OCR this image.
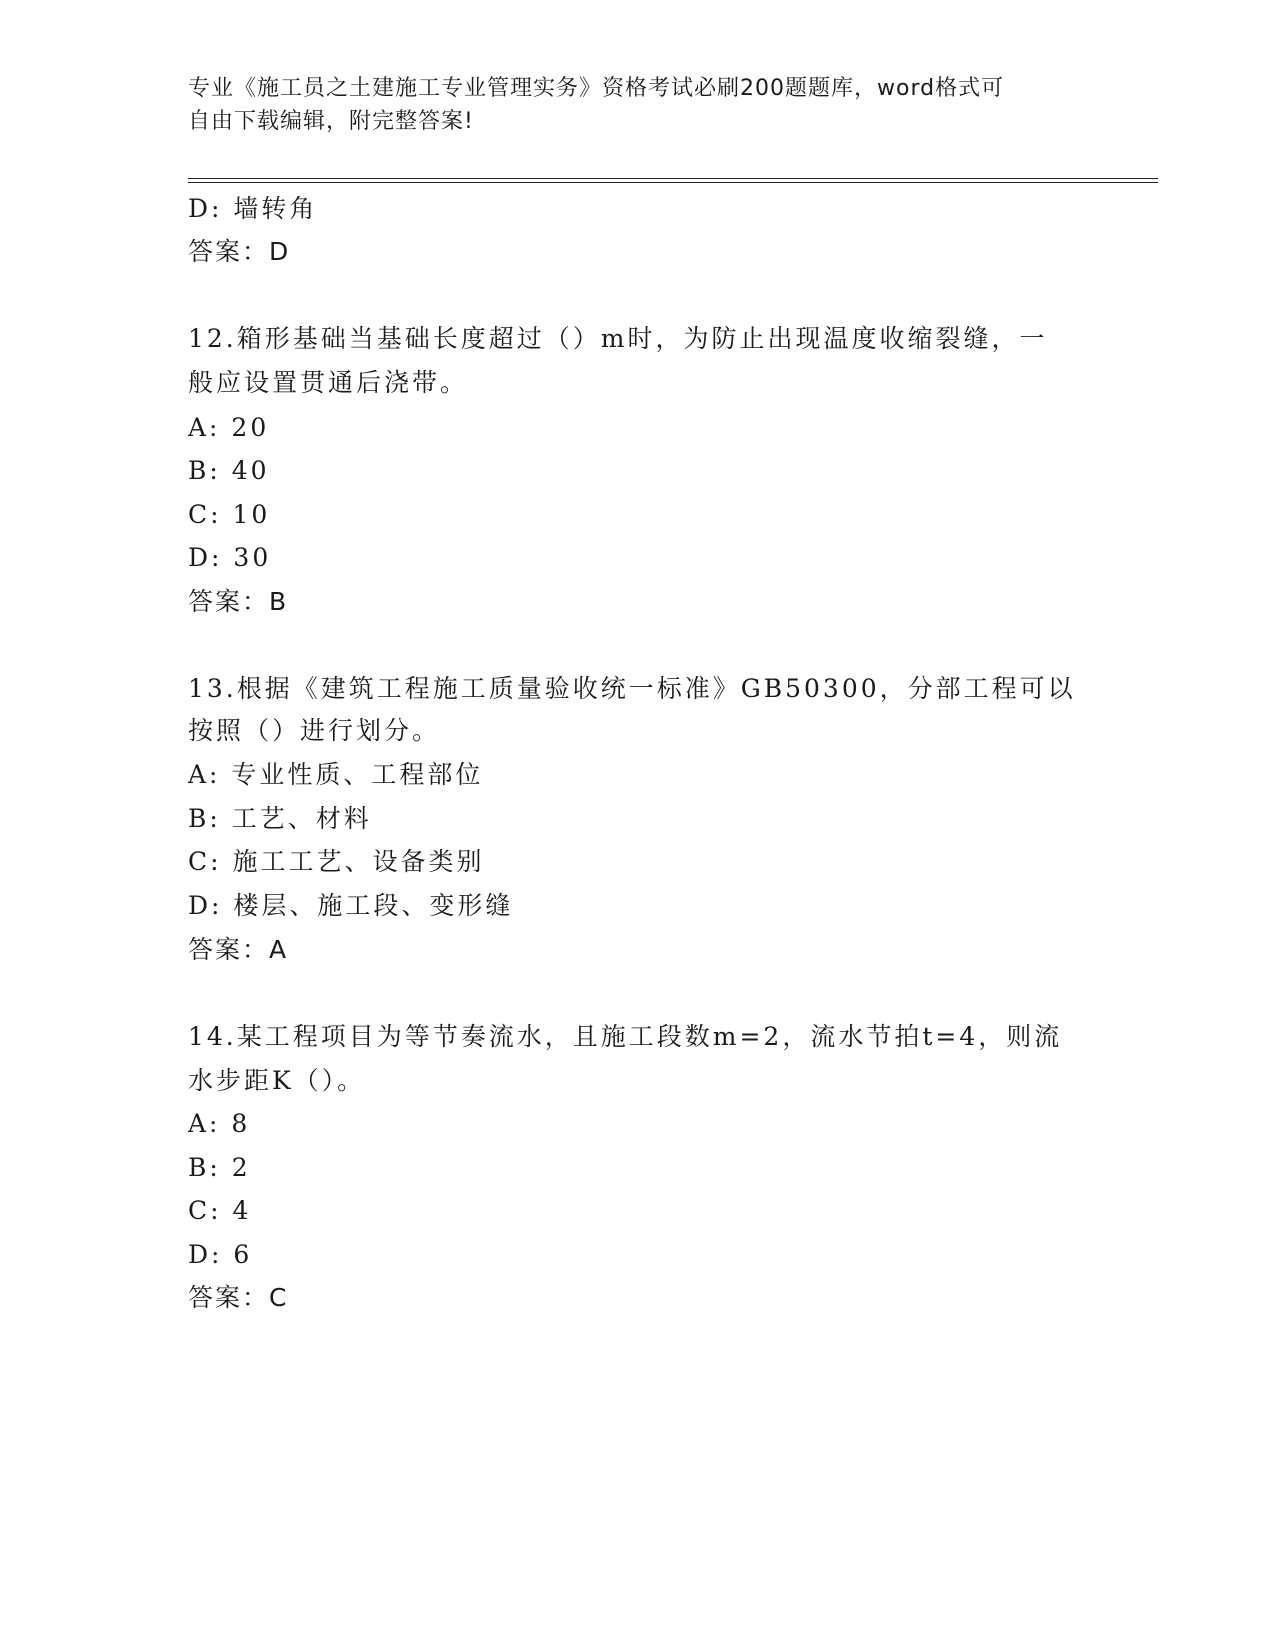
专业《施工员之土建施工专业管理实务》资格考试必刷200题题库，word格式可
自由下载编辑，附完整答案!
D: 墙转角
答案：D
12.箱形基础当基础长度超过（）m时，为防止出现温度收缩裂缝，一
般应设置贯通后浇带。
A: 20
B: 40
C: 10
D: 30
答案：B
13.根据《建筑工程施工质量验收统一标准》GB50300，分部工程可以
按照（）进行划分。
A: 专业性质、工程部位
B: 工艺、材料
C: 施工工艺、设备类别
D: 楼层、施工段、变形缝
答案：A
14.某工程项目为等节奏流水，且施工段数m=2，流水节拍t=4，则流
水步距K（）。
A: 8
B: 2
C: 4
D: 6
答案：C
